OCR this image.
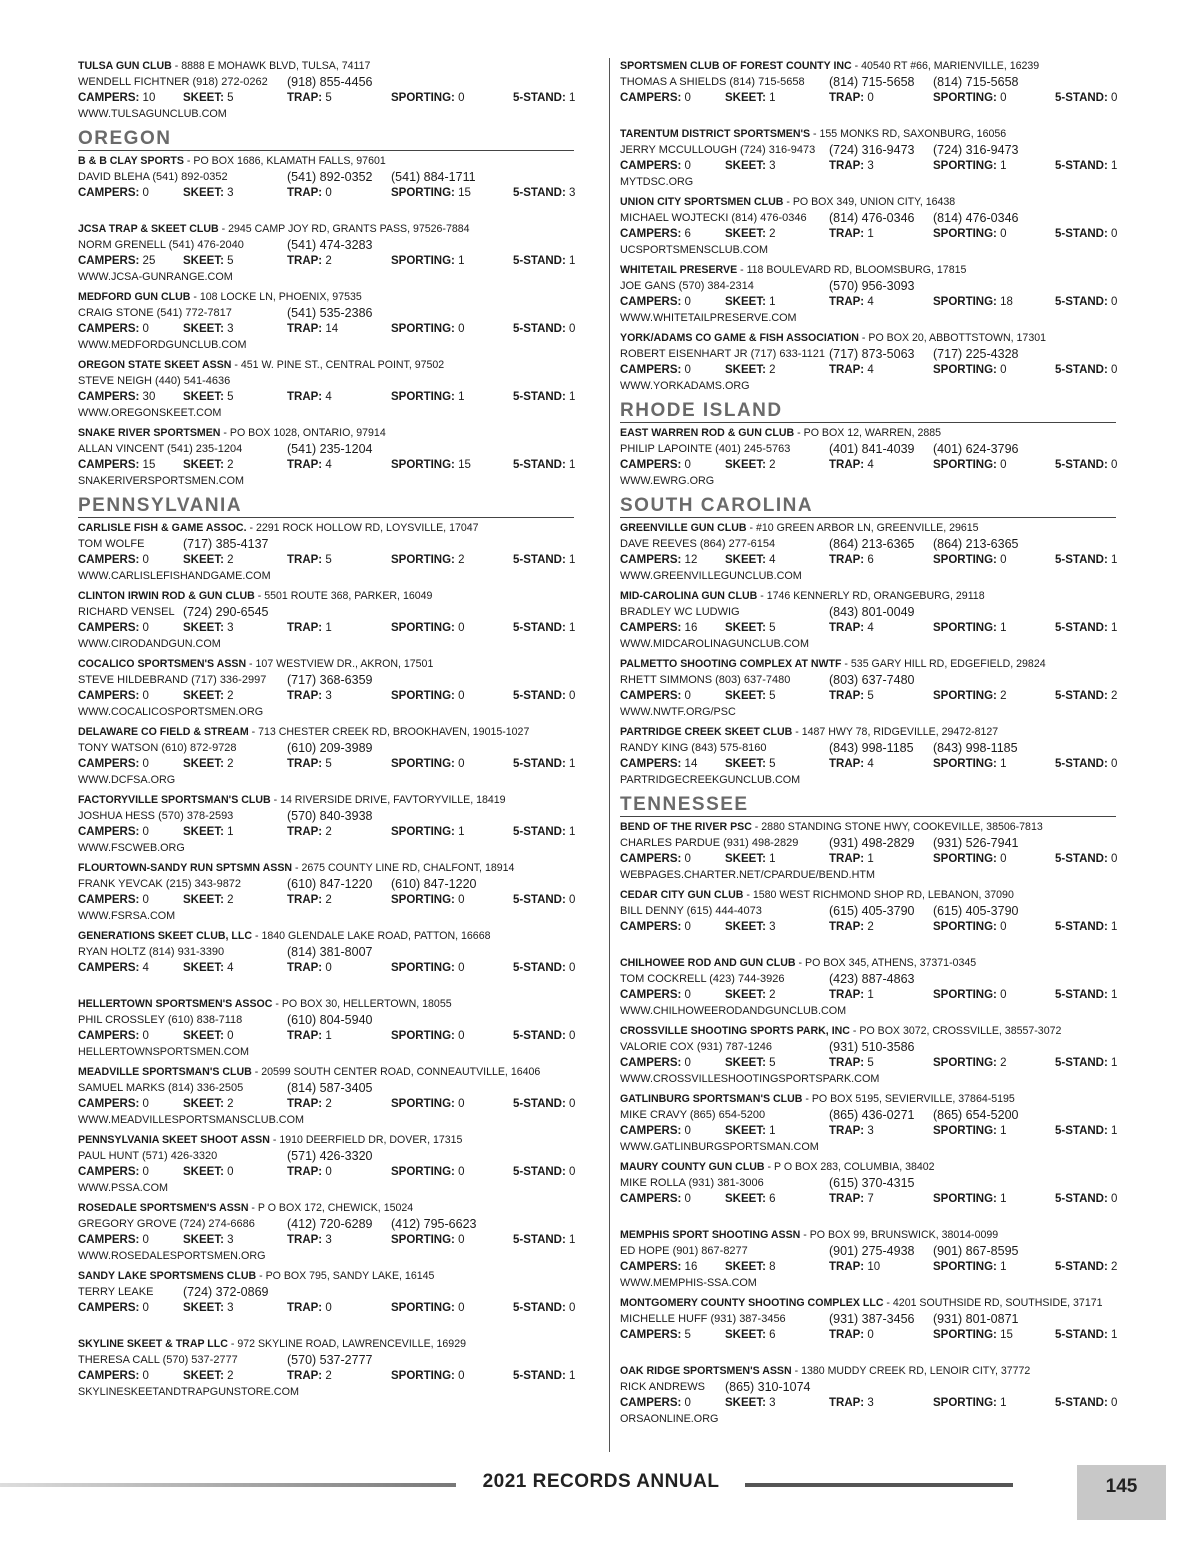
TULSA GUN CLUB - 8888 E MOHAWK BLVD, TULSA, 74117
WENDELL FICHTNER (918) 272-0262 (918) 855-4456
CAMPERS: 10 SKEET: 5	TRAP: 5	SPORTING: 0	5-STAND: 1
WWW.TULSAGUNCLUB.COM
OREGON
B & B CLAY SPORTS - PO BOX 1686, KLAMATH FALLS, 97601
DAVID BLEHA (541) 892-0352	(541) 892-0352 (541) 884-1711
CAMPERS: 0	SKEET: 3	TRAP: 0	SPORTING: 15	5-STAND: 3
JCSA TRAP & SKEET CLUB - 2945 CAMP JOY RD, GRANTS PASS, 97526-7884
NORM GRENELL (541) 476-2040	(541) 474-3283
CAMPERS: 25 SKEET: 5	TRAP: 2	SPORTING: 1	5-STAND: 1
WWW.JCSA-GUNRANGE.COM
MEDFORD GUN CLUB - 108 LOCKE LN, PHOENIX, 97535
CRAIG STONE (541) 772-7817	(541) 535-2386
CAMPERS: 0	SKEET: 3	TRAP: 14	SPORTING: 0	5-STAND: 0
WWW.MEDFORDGUNCLUB.COM
OREGON STATE SKEET ASSN - 451 W. PINE ST., CENTRAL POINT, 97502
STEVE NEIGH (440) 541-4636
CAMPERS: 30 SKEET: 5	TRAP: 4	SPORTING: 1	5-STAND: 1
WWW.OREGONSKEET.COM
SNAKE RIVER SPORTSMEN - PO BOX 1028, ONTARIO, 97914
ALLAN VINCENT (541) 235-1204	(541) 235-1204
CAMPERS: 15 SKEET: 2	TRAP: 4	SPORTING: 15	5-STAND: 1
SNAKERIVERSPORTSMEN.COM
PENNSYLVANIA
CARLISLE FISH & GAME ASSOC. - 2291 ROCK HOLLOW RD, LOYSVILLE, 17047
TOM WOLFE	(717) 385-4137
CAMPERS: 0	SKEET: 2	TRAP: 5	SPORTING: 2	5-STAND: 1
WWW.CARLISLEFISHANDGAME.COM
CLINTON IRWIN ROD & GUN CLUB - 5501 ROUTE 368, PARKER, 16049
RICHARD VENSEL (724) 290-6545
CAMPERS: 0	SKEET: 3	TRAP: 1	SPORTING: 0	5-STAND: 1
WWW.CIRODANDGUN.COM
COCALICO SPORTSMEN'S ASSN - 107 WESTVIEW DR., AKRON, 17501
STEVE HILDEBRAND (717) 336-2997 (717) 368-6359
CAMPERS: 0	SKEET: 2	TRAP: 3	SPORTING: 0	5-STAND: 0
WWW.COCALICOSPORTSMEN.ORG
DELAWARE CO FIELD & STREAM - 713 CHESTER CREEK RD, BROOKHAVEN, 19015-1027
TONY WATSON (610) 872-9728	(610) 209-3989
CAMPERS: 0	SKEET: 2	TRAP: 5	SPORTING: 0	5-STAND: 1
WWW.DCFSA.ORG
FACTORYVILLE SPORTSMAN'S CLUB - 14 RIVERSIDE DRIVE, FAVTORYVILLE, 18419
JOSHUA HESS (570) 378-2593	(570) 840-3938
CAMPERS: 0	SKEET: 1	TRAP: 2	SPORTING: 1	5-STAND: 1
WWW.FSCWEB.ORG
FLOURTOWN-SANDY RUN SPTSMN ASSN - 2675 COUNTY LINE RD, CHALFONT, 18914
FRANK YEVCAK (215) 343-9872	(610) 847-1220 (610) 847-1220
CAMPERS: 0	SKEET: 2	TRAP: 2	SPORTING: 0	5-STAND: 0
WWW.FSRSA.COM
GENERATIONS SKEET CLUB, LLC - 1840 GLENDALE LAKE ROAD, PATTON, 16668
RYAN HOLTZ (814) 931-3390	(814) 381-8007
CAMPERS: 4	SKEET: 4	TRAP: 0	SPORTING: 0	5-STAND: 0
HELLERTOWN SPORTSMEN'S ASSOC - PO BOX 30, HELLERTOWN, 18055
PHIL CROSSLEY (610) 838-7118	(610) 804-5940
CAMPERS: 0	SKEET: 0	TRAP: 1	SPORTING: 0	5-STAND: 0
HELLERTOWNSPORTSMEN.COM
MEADVILLE SPORTSMAN'S CLUB - 20599 SOUTH CENTER ROAD, CONNEAUTVILLE, 16406
SAMUEL MARKS (814) 336-2505	(814) 587-3405
CAMPERS: 0	SKEET: 2	TRAP: 2	SPORTING: 0	5-STAND: 0
WWW.MEADVILLESPORTSMANSCLUB.COM
PENNSYLVANIA SKEET SHOOT ASSN - 1910 DEERFIELD DR, DOVER, 17315
PAUL HUNT (571) 426-3320	(571) 426-3320
CAMPERS: 0	SKEET: 0	TRAP: 0	SPORTING: 0	5-STAND: 0
WWW.PSSA.COM
ROSEDALE SPORTSMEN'S ASSN - P O BOX 172, CHEWICK, 15024
GREGORY GROVE (724) 274-6686	(412) 720-6289 (412) 795-6623
CAMPERS: 0	SKEET: 3	TRAP: 3	SPORTING: 0	5-STAND: 1
WWW.ROSEDALESPORTSMEN.ORG
SANDY LAKE SPORTSMENS CLUB - PO BOX 795, SANDY LAKE, 16145
TERRY LEAKE (724) 372-0869
CAMPERS: 0	SKEET: 3	TRAP: 0	SPORTING: 0	5-STAND: 0
SKYLINE SKEET & TRAP LLC - 972 SKYLINE ROAD, LAWRENCEVILLE, 16929
THERESA CALL (570) 537-2777	(570) 537-2777
CAMPERS: 0	SKEET: 2	TRAP: 2	SPORTING: 0	5-STAND: 1
SKYLINESKEETANDTRAPGUNSTORE.COM
SPORTSMEN CLUB OF FOREST COUNTY INC - 40540 RT #66, MARIENVILLE, 16239
THOMAS A SHIELDS (814) 715-5658 (814) 715-5658 (814) 715-5658
CAMPERS: 0	SKEET: 1	TRAP: 0	SPORTING: 0	5-STAND: 0
TARENTUM DISTRICT SPORTSMEN'S - 155 MONKS RD, SAXONBURG, 16056
JERRY MCCULLOUGH (724) 316-9473 (724) 316-9473 (724) 316-9473
CAMPERS: 0	SKEET: 3	TRAP: 3	SPORTING: 1	5-STAND: 1
MYTDSC.ORG
UNION CITY SPORTSMEN CLUB - PO BOX 349, UNION CITY, 16438
MICHAEL WOJTECKI (814) 476-0346 (814) 476-0346 (814) 476-0346
CAMPERS: 6	SKEET: 2	TRAP: 1	SPORTING: 0	5-STAND: 0
UCSPORTSMENSCLUB.COM
WHITETAIL PRESERVE - 118 BOULEVARD RD, BLOOMSBURG, 17815
JOE GANS (570) 384-2314	(570) 956-3093
CAMPERS: 0	SKEET: 1	TRAP: 4	SPORTING: 18	5-STAND: 0
WWW.WHITETAILPRESERVE.COM
YORK/ADAMS CO GAME & FISH ASSOCIATION - PO BOX 20, ABBOTTSTOWN, 17301
ROBERT EISENHART JR (717) 633-1121 (717) 873-5063 (717) 225-4328
CAMPERS: 0	SKEET: 2	TRAP: 4	SPORTING: 0	5-STAND: 0
WWW.YORKADAMS.ORG
RHODE ISLAND
EAST WARREN ROD & GUN CLUB - PO BOX 12, WARREN, 2885
PHILIP LAPOINTE (401) 245-5763	(401) 841-4039 (401) 624-3796
CAMPERS: 0	SKEET: 2	TRAP: 4	SPORTING: 0	5-STAND: 0
WWW.EWRG.ORG
SOUTH CAROLINA
GREENVILLE GUN CLUB - #10 GREEN ARBOR LN, GREENVILLE, 29615
DAVE REEVES (864) 277-6154	(864) 213-6365 (864) 213-6365
CAMPERS: 12 SKEET: 4	TRAP: 6	SPORTING: 0	5-STAND: 1
WWW.GREENVILLEGUNCLUB.COM
MID-CAROLINA GUN CLUB - 1746 KENNERLY RD, ORANGEBURG, 29118
BRADLEY WC LUDWIG	(843) 801-0049
CAMPERS: 16 SKEET: 5	TRAP: 4	SPORTING: 1	5-STAND: 1
WWW.MIDCAROLINAGUNCLUB.COM
PALMETTO SHOOTING COMPLEX AT NWTF - 535 GARY HILL RD, EDGEFIELD, 29824
RHETT SIMMONS (803) 637-7480	(803) 637-7480
CAMPERS: 0	SKEET: 5	TRAP: 5	SPORTING: 2	5-STAND: 2
WWW.NWTF.ORG/PSC
PARTRIDGE CREEK SKEET CLUB - 1487 HWY 78, RIDGEVILLE, 29472-8127
RANDY KING (843) 575-8160	(843) 998-1185 (843) 998-1185
CAMPERS: 14 SKEET: 5	TRAP: 4	SPORTING: 1	5-STAND: 0
PARTRIDGECREEKGUNCLUB.COM
TENNESSEE
BEND OF THE RIVER PSC - 2880 STANDING STONE HWY, COOKEVILLE, 38506-7813
CHARLES PARDUE (931) 498-2829 (931) 498-2829 (931) 526-7941
CAMPERS: 0	SKEET: 1	TRAP: 1	SPORTING: 0	5-STAND: 0
WEBPAGES.CHARTER.NET/CPARDUE/BEND.HTM
CEDAR CITY GUN CLUB - 1580 WEST RICHMOND SHOP RD, LEBANON, 37090
BILL DENNY (615) 444-4073	(615) 405-3790 (615) 405-3790
CAMPERS: 0	SKEET: 3	TRAP: 2	SPORTING: 0	5-STAND: 1
CHILHOWEE ROD AND GUN CLUB - PO BOX 345, ATHENS, 37371-0345
TOM COCKRELL (423) 744-3926	(423) 887-4863
CAMPERS: 0	SKEET: 2	TRAP: 1	SPORTING: 0	5-STAND: 1
WWW.CHILHOWEERODANDGUNCLUB.COM
CROSSVILLE SHOOTING SPORTS PARK, INC - PO BOX 3072, CROSSVILLE, 38557-3072
VALORIE COX (931) 787-1246	(931) 510-3586
CAMPERS: 0	SKEET: 5	TRAP: 5	SPORTING: 2	5-STAND: 1
WWW.CROSSVILLESHOOTINGSPORTSPARK.COM
GATLINBURG SPORTSMAN'S CLUB - PO BOX 5195, SEVIERVILLE, 37864-5195
MIKE CRAVY (865) 654-5200	(865) 436-0271 (865) 654-5200
CAMPERS: 0	SKEET: 1	TRAP: 3	SPORTING: 1	5-STAND: 1
WWW.GATLINBURGSPORTSMAN.COM
MAURY COUNTY GUN CLUB - P O BOX 283, COLUMBIA, 38402
MIKE ROLLA (931) 381-3006	(615) 370-4315
CAMPERS: 0	SKEET: 6	TRAP: 7	SPORTING: 1	5-STAND: 0
MEMPHIS SPORT SHOOTING ASSN - PO BOX 99, BRUNSWICK, 38014-0099
ED HOPE (901) 867-8277	(901) 275-4938 (901) 867-8595
CAMPERS: 16 SKEET: 8	TRAP: 10	SPORTING: 1	5-STAND: 2
WWW.MEMPHIS-SSA.COM
MONTGOMERY COUNTY SHOOTING COMPLEX LLC - 4201 SOUTHSIDE RD, SOUTHSIDE, 37171
MICHELLE HUFF (931) 387-3456	(931) 387-3456 (931) 801-0871
CAMPERS: 5	SKEET: 6	TRAP: 0	SPORTING: 15	5-STAND: 1
OAK RIDGE SPORTSMEN'S ASSN - 1380 MUDDY CREEK RD, LENOIR CITY, 37772
RICK ANDREWS (865) 310-1074
CAMPERS: 0	SKEET: 3	TRAP: 3	SPORTING: 1	5-STAND: 0
ORSAONLINE.ORG
2021 RECORDS ANNUAL	145
